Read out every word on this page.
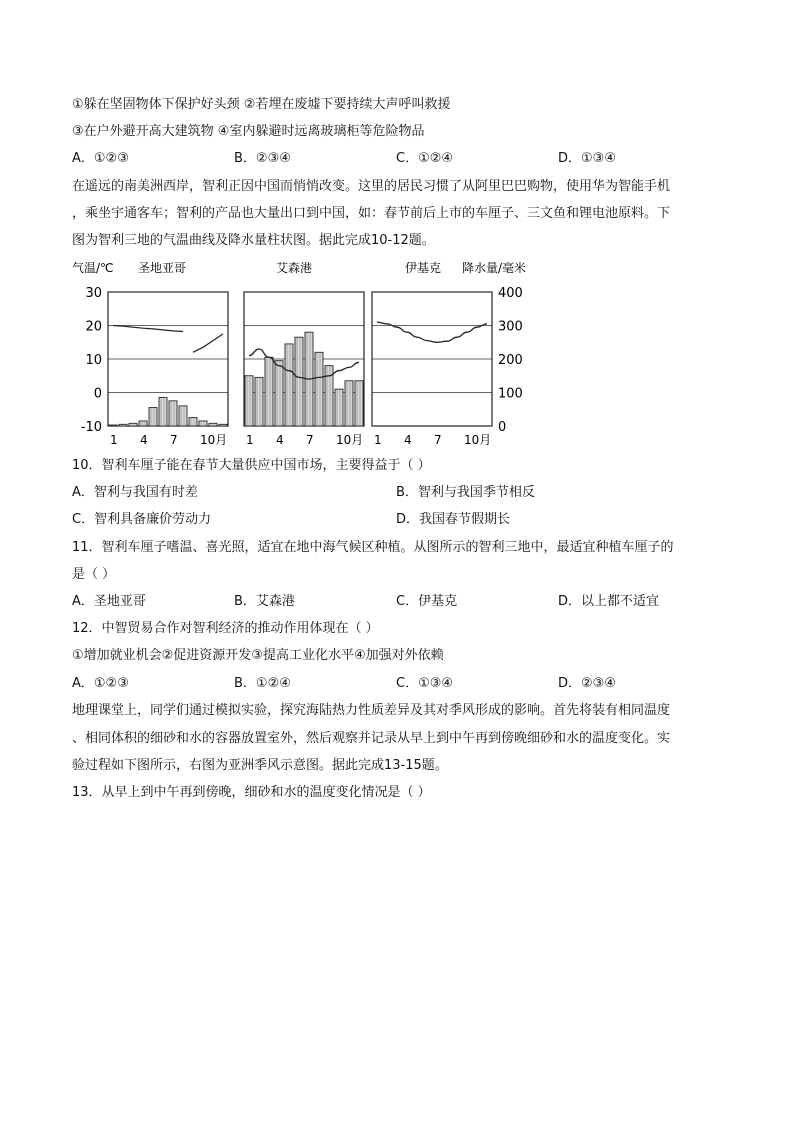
①躲在坚固物体下保护好头颈 ②若埋在废墟下要持续大声呼叫救援
③在户外避开高大建筑物 ④室内躲避时远离玻璃柜等危险物品
A．①②③	B．②③④	C．①②④	D．①③④
在遥远的南美洲西岸，智利正因中国而悄悄改变。这里的居民习惯了从阿里巴巴购物，使用华为智能手机
，乘坐宇通客车；智利的产品也大量出口到中国，如：春节前后上市的车厘子、三文鱼和锂电池原料。下
图为智利三地的气温曲线及降水量柱状图。据此完成10-12题。
气温/℃	降水量/毫米
圣地亚哥	艾森港	伊基克
30
20
10
0
-10
400
300
200
100
0
1 4 7 10月 1 4 7 10月 1 4 7 10月
10．智利车厘子能在春节大量供应中国市场，主要得益于（ ）
A．智利与我国有时差	B．智利与我国季节相反
C．智利具备廉价劳动力	D．我国春节假期长
11．智利车厘子嗜温、喜光照，适宜在地中海气候区种植。从图所示的智利三地中，最适宜种植车厘子的
是（ ）
A．圣地亚哥	B．艾森港	C．伊基克	D．以上都不适宜
12．中智贸易合作对智利经济的推动作用体现在（ ）
①增加就业机会②促进资源开发③提高工业化水平④加强对外依赖
A．①②③	B．①②④	C．①③④	D．②③④
地理课堂上，同学们通过模拟实验，探究海陆热力性质差异及其对季风形成的影响。首先将装有相同温度
、相同体积的细砂和水的容器放置室外，然后观察并记录从早上到中午再到傍晚细砂和水的温度变化。实
验过程如下图所示，右图为亚洲季风示意图。据此完成13-15题。
13．从早上到中午再到傍晚，细砂和水的温度变化情况是（ ）
